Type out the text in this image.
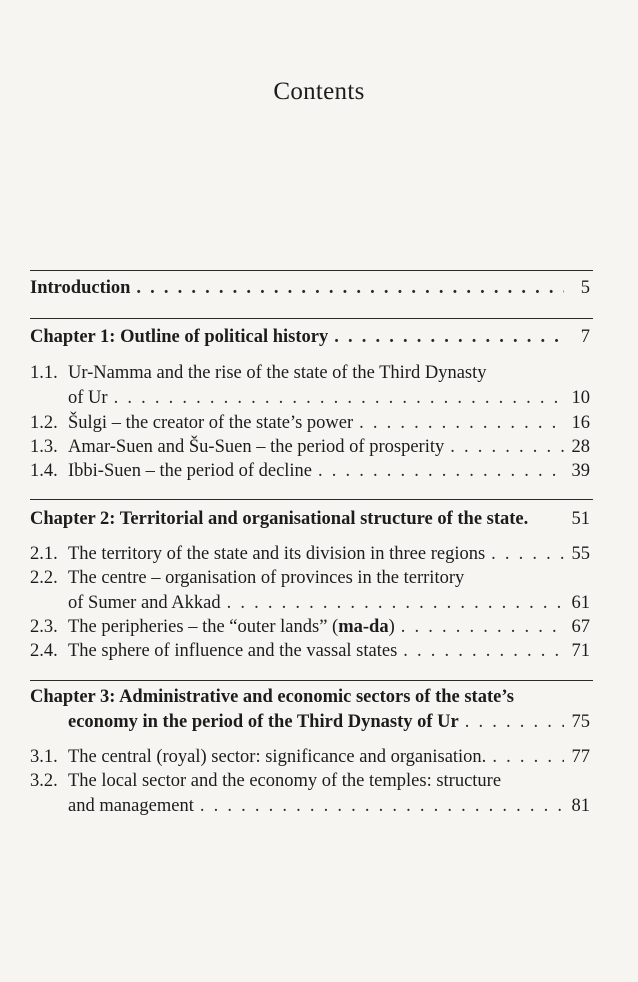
Contents
Introduction . . .	5
Chapter 1: Outline of political history . . .	7
1.1. Ur-Namma and the rise of the state of the Third Dynasty
of Ur . . .	10
1.2. Šulgi – the creator of the state’s power . . .	16
1.3. Amar-Suen and Šu-Suen – the period of prosperity . . .	28
1.4. Ibbi-Suen – the period of decline . . .	39
Chapter 2: Territorial and organisational structure of the state.	51
2.1. The territory of the state and its division in three regions . . .	55
2.2. The centre – organisation of provinces in the territory
of Sumer and Akkad . . .	61
2.3. The peripheries – the “outer lands” (ma-da) . . .	67
2.4. The sphere of influence and the vassal states . . .	71
Chapter 3: Administrative and economic sectors of the state’s
economy in the period of the Third Dynasty of Ur . . .	75
3.1. The central (royal) sector: significance and organisation. . . .	77
3.2. The local sector and the economy of the temples: structure
and management . . .	81
